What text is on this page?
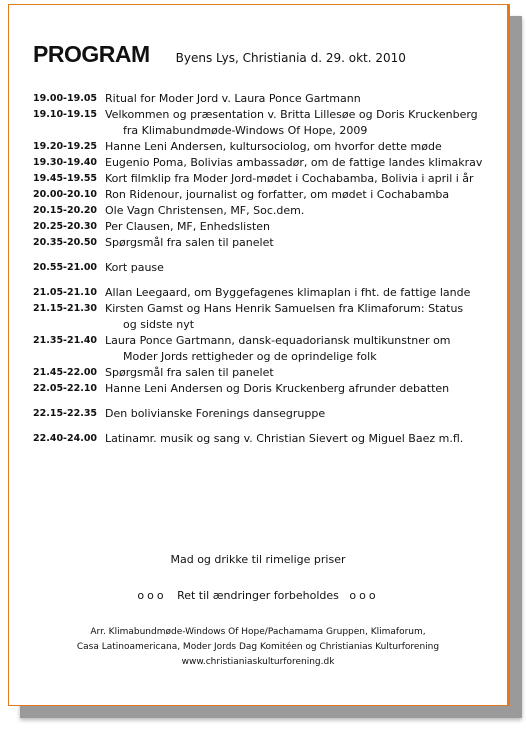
PROGRAM Byens Lys, Christiania d. 29. okt. 2010
19.00-19.05 Ritual for Moder Jord v. Laura Ponce Gartmann
19.10-19.15 Velkommen og præsentation v. Britta Lillesøe og Doris Kruckenberg
fra Klimabundmøde-Windows Of Hope, 2009
19.20-19.25 Hanne Leni Andersen, kultursociolog, om hvorfor dette møde
19.30-19.40 Eugenio Poma, Bolivias ambassadør, om de fattige landes klimakrav
19.45-19.55 Kort filmklip fra Moder Jord-mødet i Cochabamba, Bolivia i april i år
20.00-20.10 Ron Ridenour, journalist og forfatter, om mødet i Cochabamba
20.15-20.20 Ole Vagn Christensen, MF, Soc.dem.
20.25-20.30 Per Clausen, MF, Enhedslisten
20.35-20.50 Spørgsmål fra salen til panelet
20.55-21.00 Kort pause
21.05-21.10 Allan Leegaard, om Byggefagenes klimaplan i fht. de fattige lande
21.15-21.30 Kirsten Gamst og Hans Henrik Samuelsen fra Klimaforum: Status
og sidste nyt
21.35-21.40 Laura Ponce Gartmann, dansk-equadoriansk multikunstner om
Moder Jords rettigheder og de oprindelige folk
21.45-22.00 Spørgsmål fra salen til panelet
22.05-22.10 Hanne Leni Andersen og Doris Kruckenberg afrunder debatten
22.15-22.35 Den bolivianske Forenings dansegruppe
22.40-24.00 Latinamr. musik og sang v. Christian Sievert og Miguel Baez m.fl.
Mad og drikke til rimelige priser
ooo Ret til ændringer forbeholdes ooo
Arr. Klimabundmøde-Windows Of Hope/Pachamama Gruppen, Klimaforum,
Casa Latinoamericana, Moder Jords Dag Komitéen og Christianias Kulturforening
www.christianiaskulturforening.dk
